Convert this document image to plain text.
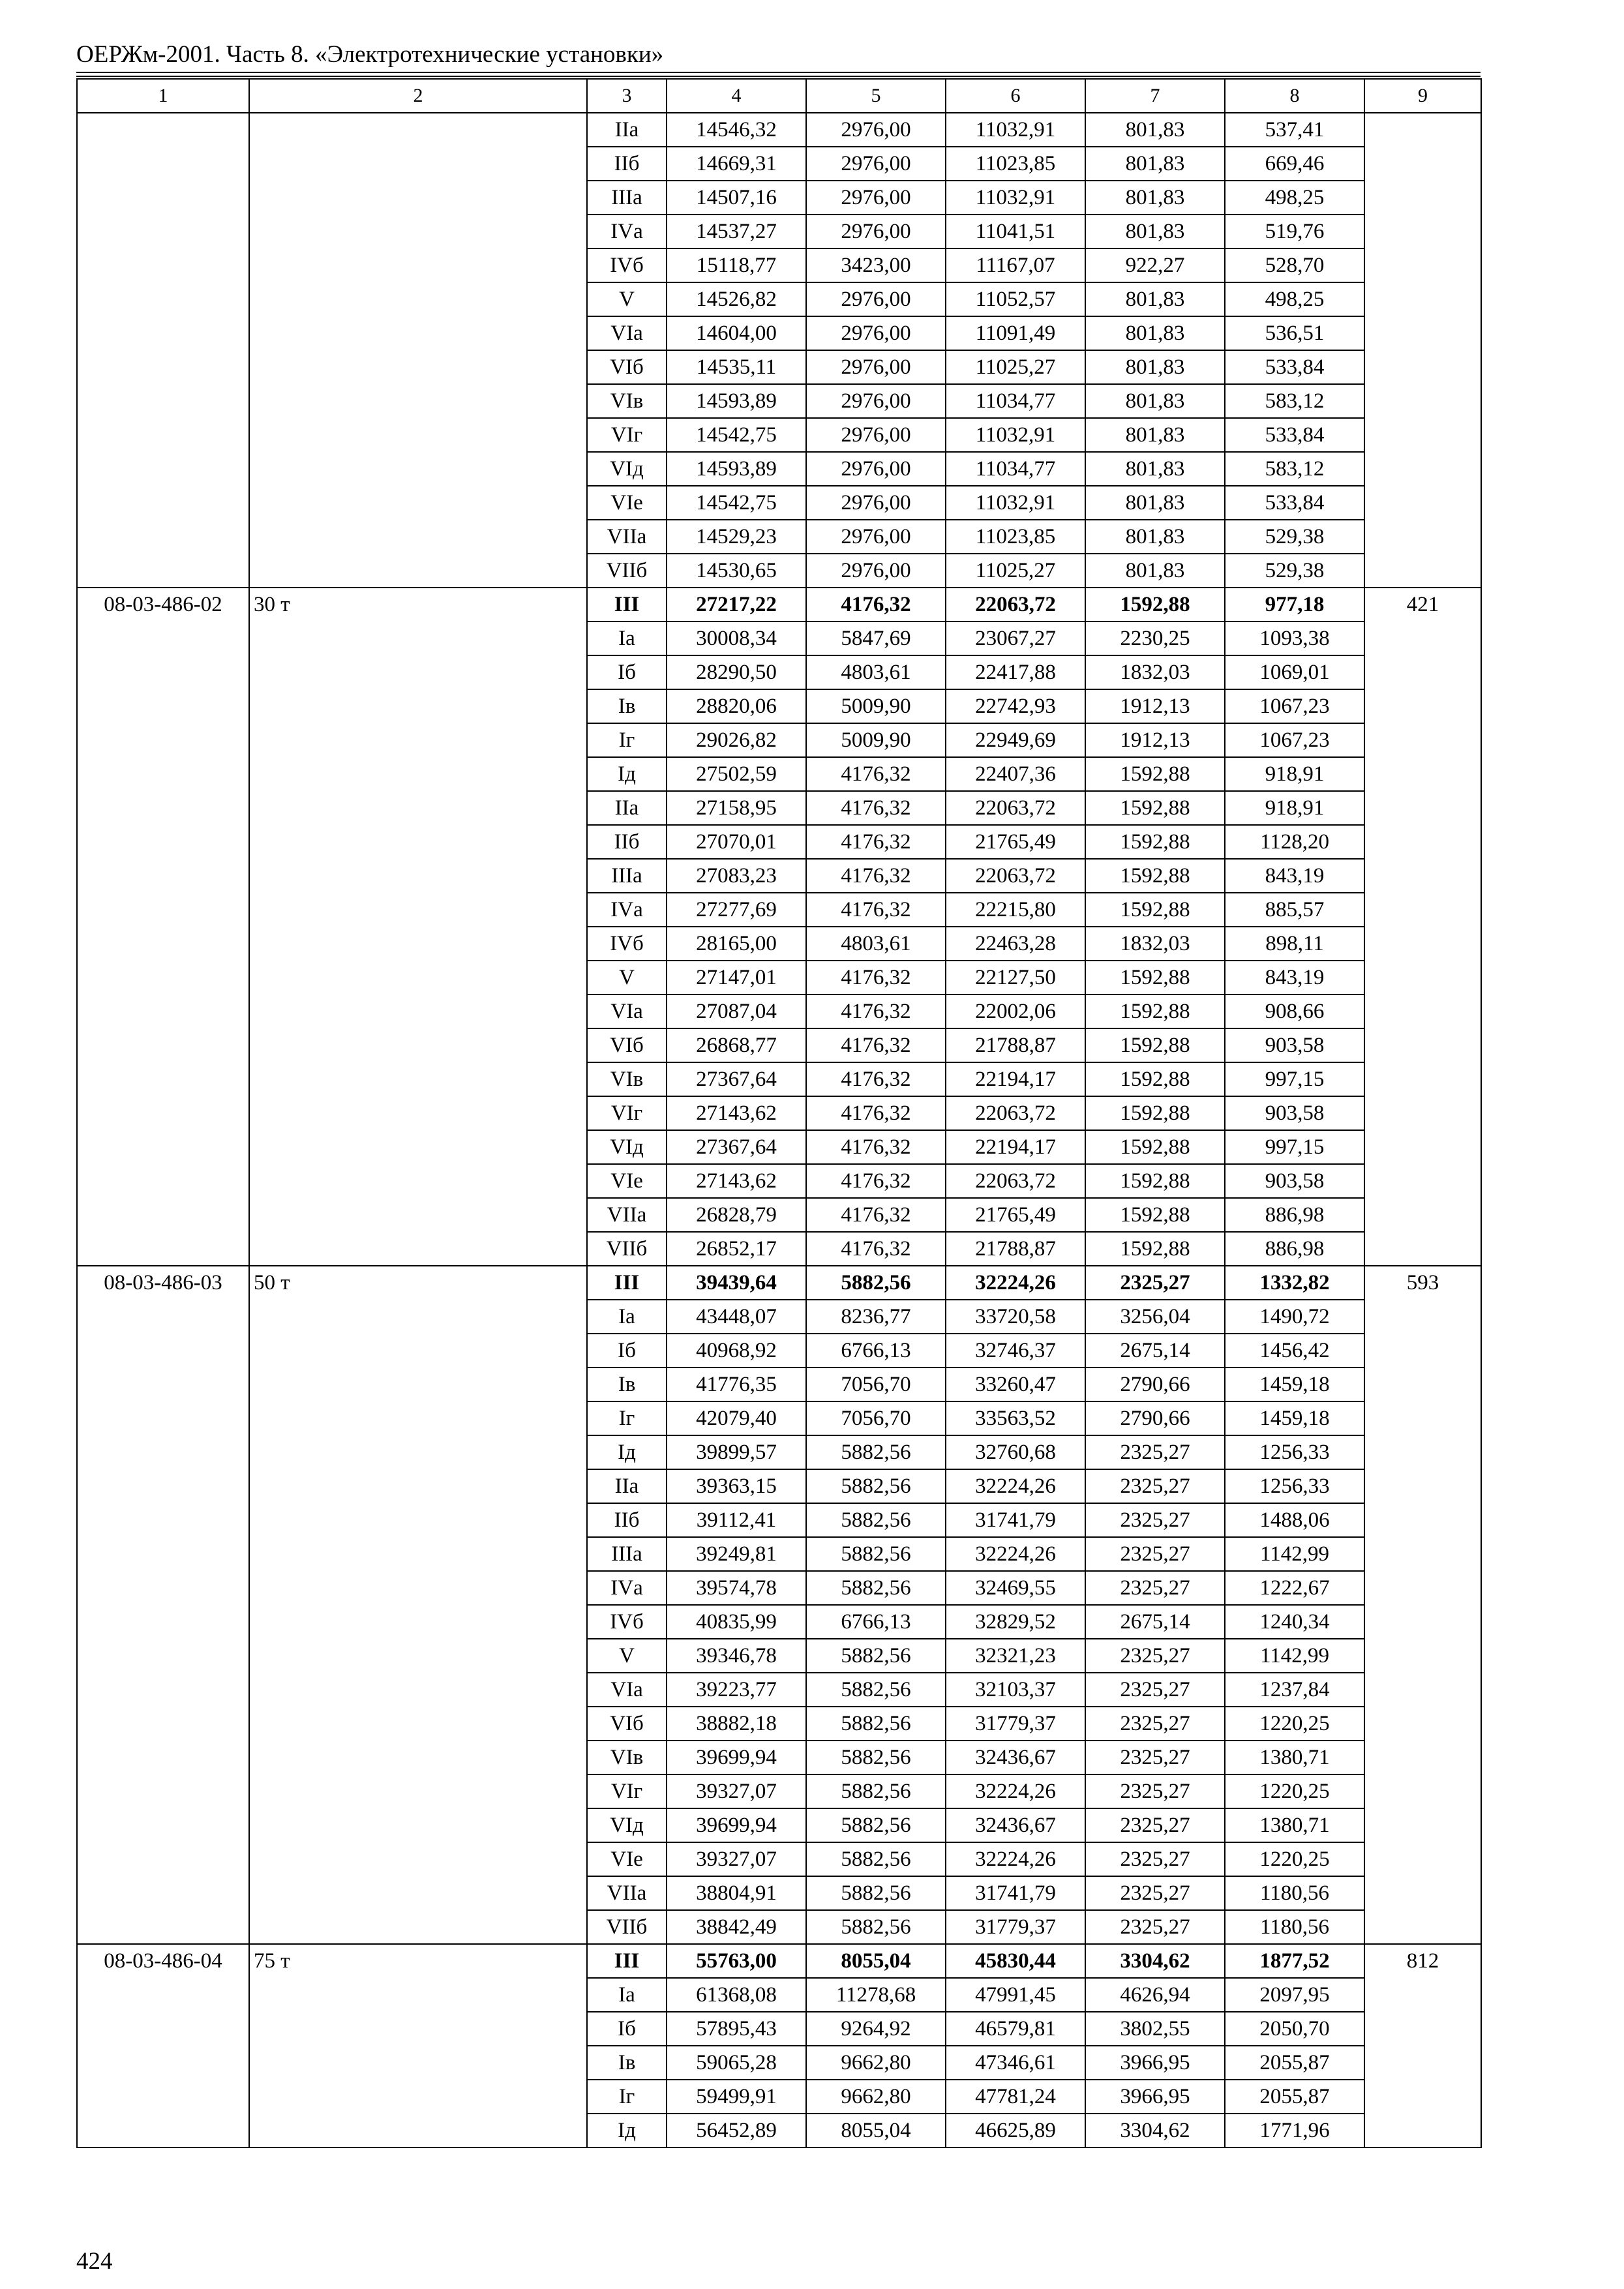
ОЕРЖм-2001. Часть 8. «Электротехнические установки»
1	2	3	4	5	6	7	8	9
		IIа	14546,32	2976,00	11032,91	801,83	537,41	
		IIб	14669,31	2976,00	11023,85	801,83	669,46	
		IIIа	14507,16	2976,00	11032,91	801,83	498,25	
		IVа	14537,27	2976,00	11041,51	801,83	519,76	
		IVб	15118,77	3423,00	11167,07	922,27	528,70	
		V	14526,82	2976,00	11052,57	801,83	498,25	
		VIа	14604,00	2976,00	11091,49	801,83	536,51	
		VIб	14535,11	2976,00	11025,27	801,83	533,84	
		VIв	14593,89	2976,00	11034,77	801,83	583,12	
		VIг	14542,75	2976,00	11032,91	801,83	533,84	
		VIд	14593,89	2976,00	11034,77	801,83	583,12	
		VIе	14542,75	2976,00	11032,91	801,83	533,84	
		VIIа	14529,23	2976,00	11023,85	801,83	529,38	
		VIIб	14530,65	2976,00	11025,27	801,83	529,38	
08-03-486-02	30 т	III	27217,22	4176,32	22063,72	1592,88	977,18	421
		Iа	30008,34	5847,69	23067,27	2230,25	1093,38	
		Iб	28290,50	4803,61	22417,88	1832,03	1069,01	
		Iв	28820,06	5009,90	22742,93	1912,13	1067,23	
		Iг	29026,82	5009,90	22949,69	1912,13	1067,23	
		Iд	27502,59	4176,32	22407,36	1592,88	918,91	
		IIа	27158,95	4176,32	22063,72	1592,88	918,91	
		IIб	27070,01	4176,32	21765,49	1592,88	1128,20	
		IIIа	27083,23	4176,32	22063,72	1592,88	843,19	
		IVа	27277,69	4176,32	22215,80	1592,88	885,57	
		IVб	28165,00	4803,61	22463,28	1832,03	898,11	
		V	27147,01	4176,32	22127,50	1592,88	843,19	
		VIа	27087,04	4176,32	22002,06	1592,88	908,66	
		VIб	26868,77	4176,32	21788,87	1592,88	903,58	
		VIв	27367,64	4176,32	22194,17	1592,88	997,15	
		VIг	27143,62	4176,32	22063,72	1592,88	903,58	
		VIд	27367,64	4176,32	22194,17	1592,88	997,15	
		VIе	27143,62	4176,32	22063,72	1592,88	903,58	
		VIIа	26828,79	4176,32	21765,49	1592,88	886,98	
		VIIб	26852,17	4176,32	21788,87	1592,88	886,98	
08-03-486-03	50 т	III	39439,64	5882,56	32224,26	2325,27	1332,82	593
		Iа	43448,07	8236,77	33720,58	3256,04	1490,72	
		Iб	40968,92	6766,13	32746,37	2675,14	1456,42	
		Iв	41776,35	7056,70	33260,47	2790,66	1459,18	
		Iг	42079,40	7056,70	33563,52	2790,66	1459,18	
		Iд	39899,57	5882,56	32760,68	2325,27	1256,33	
		IIа	39363,15	5882,56	32224,26	2325,27	1256,33	
		IIб	39112,41	5882,56	31741,79	2325,27	1488,06	
		IIIа	39249,81	5882,56	32224,26	2325,27	1142,99	
		IVа	39574,78	5882,56	32469,55	2325,27	1222,67	
		IVб	40835,99	6766,13	32829,52	2675,14	1240,34	
		V	39346,78	5882,56	32321,23	2325,27	1142,99	
		VIа	39223,77	5882,56	32103,37	2325,27	1237,84	
		VIб	38882,18	5882,56	31779,37	2325,27	1220,25	
		VIв	39699,94	5882,56	32436,67	2325,27	1380,71	
		VIг	39327,07	5882,56	32224,26	2325,27	1220,25	
		VIд	39699,94	5882,56	32436,67	2325,27	1380,71	
		VIе	39327,07	5882,56	32224,26	2325,27	1220,25	
		VIIа	38804,91	5882,56	31741,79	2325,27	1180,56	
		VIIб	38842,49	5882,56	31779,37	2325,27	1180,56	
08-03-486-04	75 т	III	55763,00	8055,04	45830,44	3304,62	1877,52	812
		Iа	61368,08	11278,68	47991,45	4626,94	2097,95	
		Iб	57895,43	9264,92	46579,81	3802,55	2050,70	
		Iв	59065,28	9662,80	47346,61	3966,95	2055,87	
		Iг	59499,91	9662,80	47781,24	3966,95	2055,87	
		Iд	56452,89	8055,04	46625,89	3304,62	1771,96	
424
